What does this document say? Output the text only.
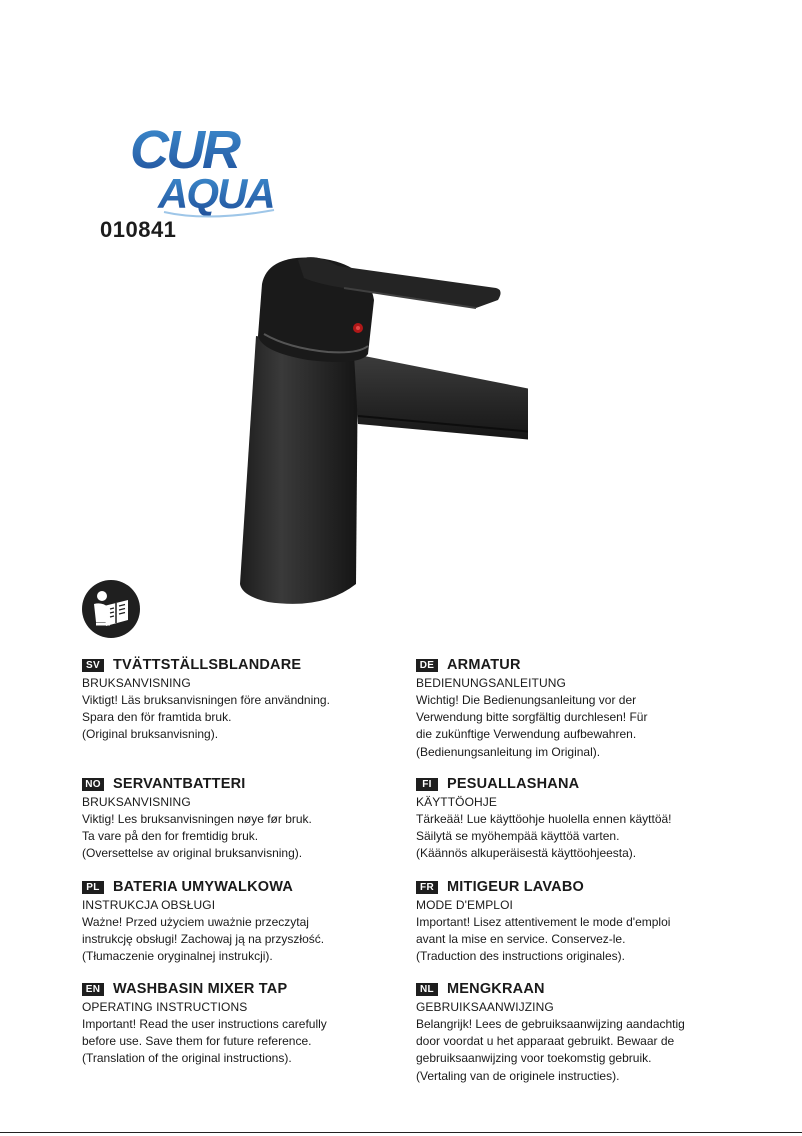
CUR
AQUA
010841
SV TVÄTTSTÄLLSBLANDARE
BRUKSANVISNING

Viktigt! Läs bruksanvisningen före användning.

Spara den för framtida bruk.

(Original bruksanvisning).

DE ARMATUR
BEDIENUNGSANLEITUNG

Wichtig! Die Bedienungsanleitung vor der

Verwendung bitte sorgfältig durchlesen! Für

die zukünftige Verwendung aufbewahren.

(Bedienungsanleitung im Original).

NO SERVANTBATTERI
BRUKSANVISNING

Viktig! Les bruksanvisningen nøye før bruk.

Ta vare på den for fremtidig bruk.

(Oversettelse av original bruksanvisning).

FI	PESUALLASHANA
KÄYTTÖOHJE

Tärkeää! Lue käyttöohje huolella ennen käyttöä!

Säilytä se myöhempää käyttöä varten.

(Käännös alkuperäisestä käyttöohjeesta).

PL BATERIA UMYWALKOWA
INSTRUKCJA OBSŁUGI

Ważne! Przed użyciem uważnie przeczytaj

instrukcję obsługi! Zachowaj ją na przyszłość.

(Tłumaczenie oryginalnej instrukcji).

FR MITIGEUR LAVABO
MODE D'EMPLOI

Important! Lisez attentivement le mode d'emploi

avant la mise en service. Conservez-le.

(Traduction des instructions originales).

EN WASHBASIN MIXER TAP
OPERATING INSTRUCTIONS

Important! Read the user instructions carefully

before use. Save them for future reference.

(Translation of the original instructions).

NL MENGKRAAN
GEBRUIKSAANWIJZING

Belangrijk! Lees de gebruiksaanwijzing aandachtig

door voordat u het apparaat gebruikt. Bewaar de

gebruiksaanwijzing voor toekomstig gebruik.

(Vertaling van de originele instructies).
